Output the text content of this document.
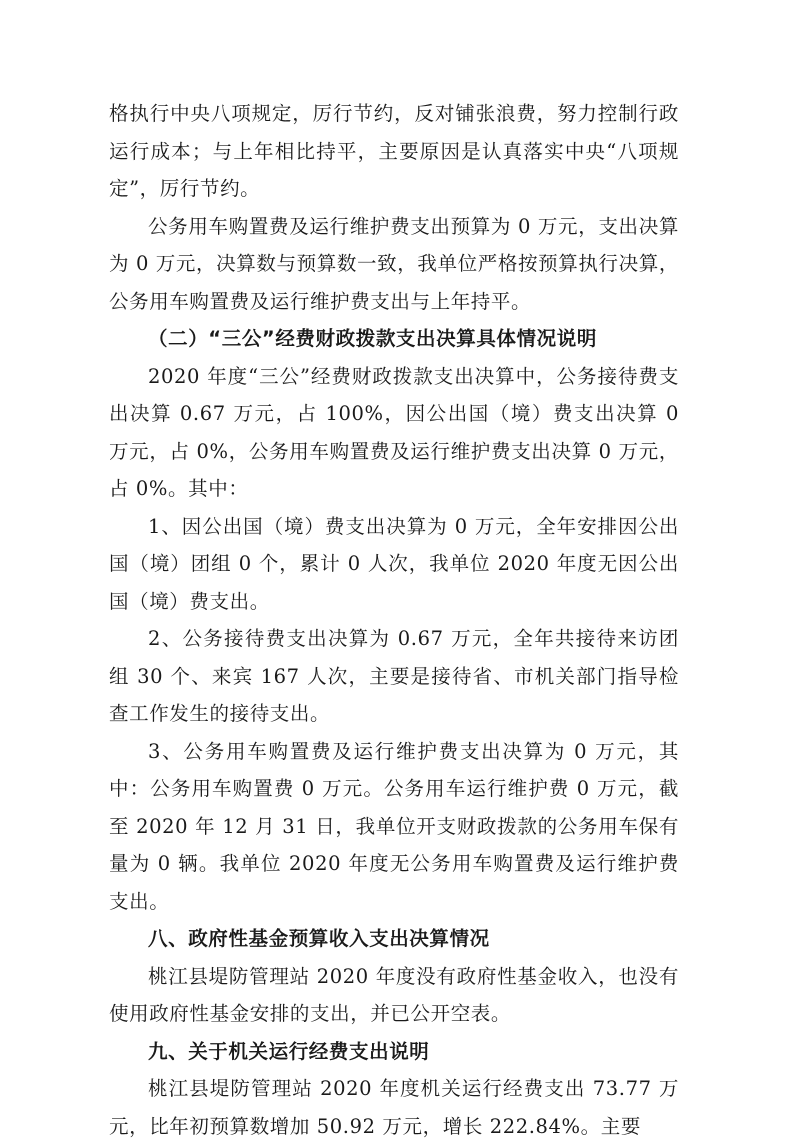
格执行中央八项规定，厉行节约，反对铺张浪费，努力控制行政运行成本；与上年相比持平，主要原因是认真落实中央“八项规定”，厉行节约。

公务用车购置费及运行维护费支出预算为 0 万元，支出决算为 0 万元，决算数与预算数一致，我单位严格按预算执行决算，公务用车购置费及运行维护费支出与上年持平。

（二）“三公”经费财政拨款支出决算具体情况说明

2020 年度“三公”经费财政拨款支出决算中，公务接待费支出决算 0.67 万元，占 100%，因公出国（境）费支出决算 0 万元，占 0%，公务用车购置费及运行维护费支出决算 0 万元，占 0%。其中：

1、因公出国（境）费支出决算为 0 万元，全年安排因公出国（境）团组 0 个，累计 0 人次，我单位 2020 年度无因公出国（境）费支出。

2、公务接待费支出决算为 0.67 万元，全年共接待来访团组 30 个、来宾 167 人次，主要是接待省、市机关部门指导检查工作发生的接待支出。

3、公务用车购置费及运行维护费支出决算为 0 万元，其中：公务用车购置费 0 万元。公务用车运行维护费 0 万元，截至 2020 年 12 月 31 日，我单位开支财政拨款的公务用车保有量为 0 辆。我单位 2020 年度无公务用车购置费及运行维护费支出。

八、政府性基金预算收入支出决算情况

桃江县堤防管理站 2020 年度没有政府性基金收入，也没有使用政府性基金安排的支出，并已公开空表。

九、关于机关运行经费支出说明

桃江县堤防管理站 2020 年度机关运行经费支出 73.77 万元，比年初预算数增加 50.92 万元，增长 222.84%。主要
